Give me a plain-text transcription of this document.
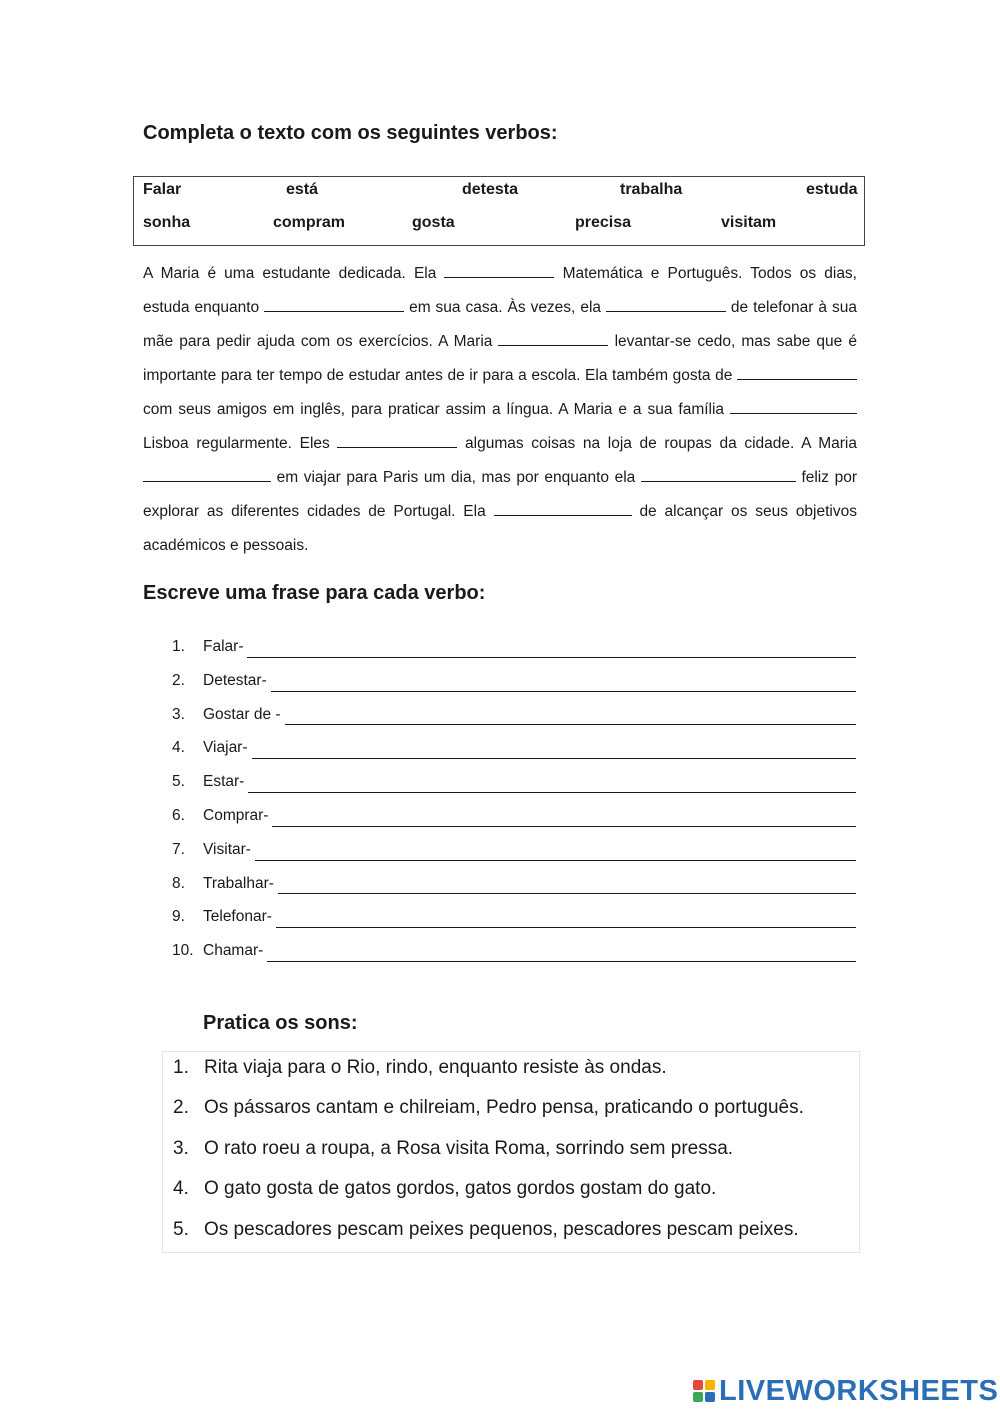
Completa o texto com os seguintes verbos:
Falar	está	detesta	trabalha	estuda
sonha	compram	gosta	precisa	visitam

A Maria é uma estudante dedicada. Ela	Matemática e Português. Todos os dias, estuda enquanto	em sua casa. Às vezes, ela	de telefonar à sua mãe para pedir ajuda com os exercícios. A Maria	levantar-se cedo, mas sabe que é importante para ter tempo de estudar antes de ir para a escola. Ela também gosta de  com seus amigos em inglês, para praticar assim a língua. A Maria e a sua família Lisboa regularmente. Eles	algumas coisas na loja de roupas da cidade. A Maria  em viajar para Paris um dia, mas por enquanto ela	feliz por explorar as diferentes cidades de Portugal. Ela	de alcançar os seus objetivos académicos e pessoais.

Escreve uma frase para cada verbo:
1.	Falar-
2.	Detestar-
3.	Gostar de -
4.	Viajar-
5.	Estar-
6.	Comprar-
7.	Visitar-
8.	Trabalhar-
9.	Telefonar-
10. Chamar-
Pratica os sons:
1. Rita viaja para o Rio, rindo, enquanto resiste às ondas.
2. Os pássaros cantam e chilreiam, Pedro pensa, praticando o português.
3. O rato roeu a roupa, a Rosa visita Roma, sorrindo sem pressa.
4. O gato gosta de gatos gordos, gatos gordos gostam do gato.
5. Os pescadores pescam peixes pequenos, pescadores pescam peixes.
LIVEWORKSHEETS
